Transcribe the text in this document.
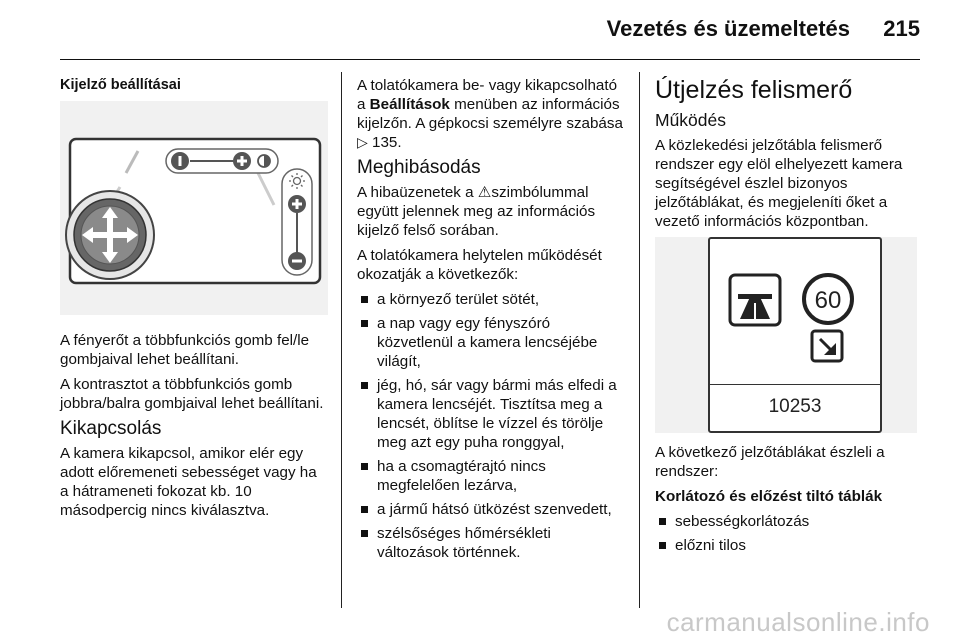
Vezetés és üzemeltetés 215

Kijelző beállításai

A fényerőt a többfunkciós gomb fel/le gombjaival lehet beállítani.

A kontrasztot a többfunkciós gomb jobbra/balra gombjaival lehet beállítani.

Kikapcsolás

A kamera kikapcsol, amikor elér egy adott előremeneti sebességet vagy ha a hátrameneti fokozat kb. 10 másodpercig nincs kiválasztva.

A tolatókamera be- vagy kikapcsolható a Beállítások menüben az információs kijelzőn. A gépkocsi személyre szabása ▷ 135.

Meghibásodás

A hibaüzenetek a ⚠szimbólummal együtt jelennek meg az információs kijelző felső sorában.

A tolatókamera helytelen működését okozatják a következők:

a környező terület sötét,
a nap vagy egy fényszóró közvetlenül a kamera lencséjébe világít,
jég, hó, sár vagy bármi más elfedi a kamera lencséjét. Tisztítsa meg a lencsét, öblítse le vízzel és törölje meg azt egy puha ronggyal,
ha a csomagtérajtó nincs megfelelően lezárva,
a jármű hátsó ütközést szenvedett,
szélsőséges hőmérsékleti változások történnek.

Útjelzés felismerő

Működés

A közlekedési jelzőtábla felismerő rendszer egy elöl elhelyezett kamera segítségével észlel bizonyos jelzőtáblákat, és megjeleníti őket a vezető információs központban.

60
10253

A következő jelzőtáblákat észleli a rendszer:

Korlátozó és előzést tiltó táblák

sebességkorlátozás
előzni tilos
carmanualsonline.info
